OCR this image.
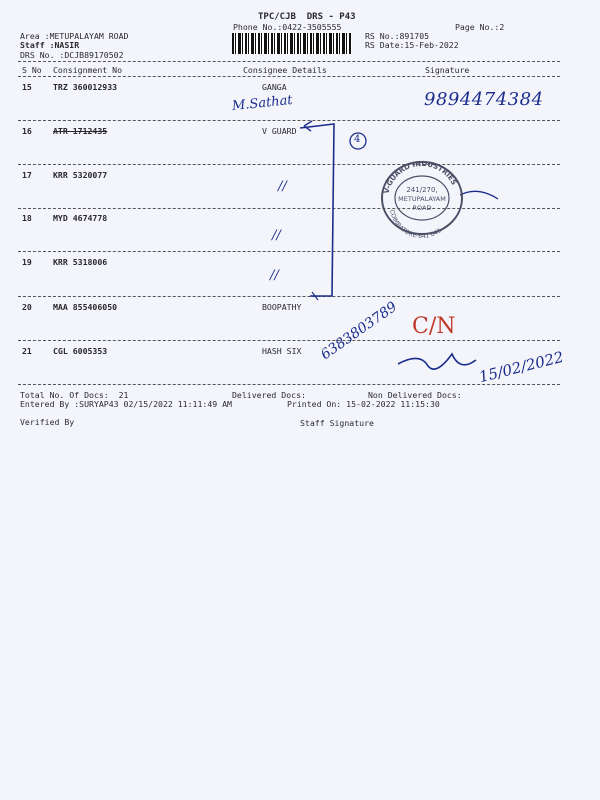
TPC/CJB  DRS - P43
Phone No.:0422-3505555	Page No.:2
Area :METUPALAYAM ROAD
Staff :NASIR
DRS No. :DCJB89170502
RS No.:891705
RS Date:15-Feb-2022
S No Consignment No	Consignee Details	Signature
15	TRZ 360012933	GANGA
16	ATR 1712435	V GUARD
17	KRR 5320077
18	MYD 4674778
19	KRR 5318006
20	MAA 855406050	BOOPATHY
21	CGL 6005353	HASH SIX
Total No. Of Docs:  21	Delivered Docs:	Non Delivered Docs:
Entered By :SURYAP43 02/15/2022 11:11:49 AM	Printed On: 15-02-2022 11:15:30
Verified By	Staff Signature
M.Sathat	9894474384
//
//
//
C/N
6383803789
15/02/2022
4
V-GUARD INDUSTRIES
COIMBATORE-641 043
241/270,
METUPALAYAM
ROAD
